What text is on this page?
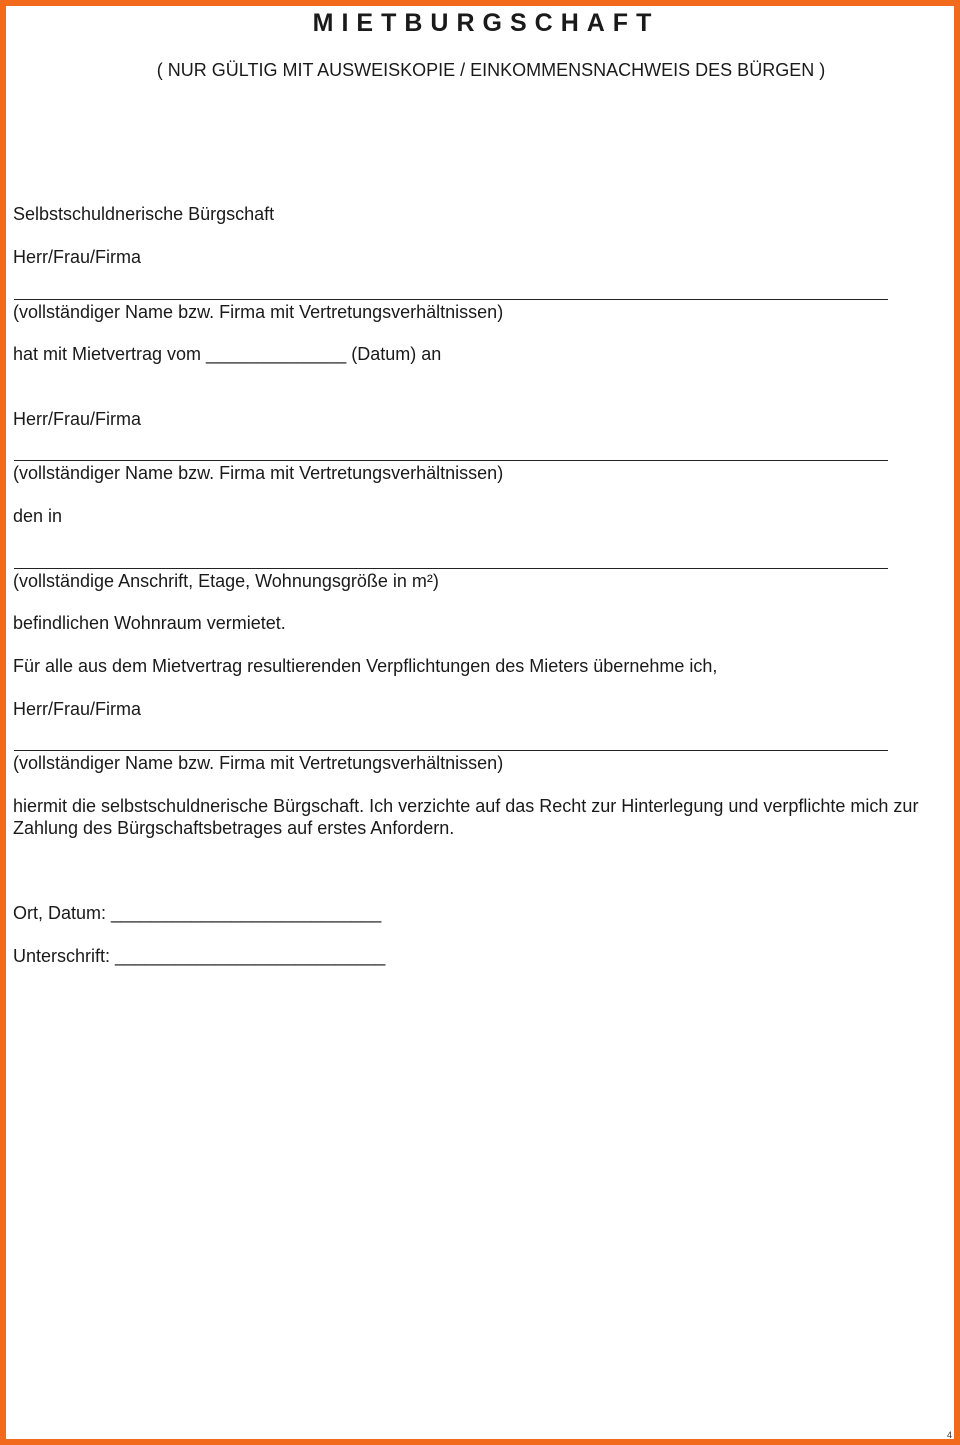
MIETBURGSCHAFT
( NUR GÜLTIG MIT AUSWEISKOPIE / EINKOMMENSNACHWEIS DES BÜRGEN )
Selbstschuldnerische Bürgschaft
Herr/Frau/Firma
(vollständiger Name bzw. Firma mit Vertretungsverhältnissen)
hat mit Mietvertrag vom ______________ (Datum) an
Herr/Frau/Firma
(vollständiger Name bzw. Firma mit Vertretungsverhältnissen)
den in
(vollständige Anschrift, Etage, Wohnungsgröße in m²)
befindlichen Wohnraum vermietet.
Für alle aus dem Mietvertrag resultierenden Verpflichtungen des Mieters übernehme ich,
Herr/Frau/Firma
(vollständiger Name bzw. Firma mit Vertretungsverhältnissen)
hiermit die selbstschuldnerische Bürgschaft. Ich verzichte auf das Recht zur Hinterlegung und verpflichte mich zur Zahlung des Bürgschaftsbetrages auf erstes Anfordern.
Ort, Datum: ___________________________
Unterschrift: ___________________________
4
